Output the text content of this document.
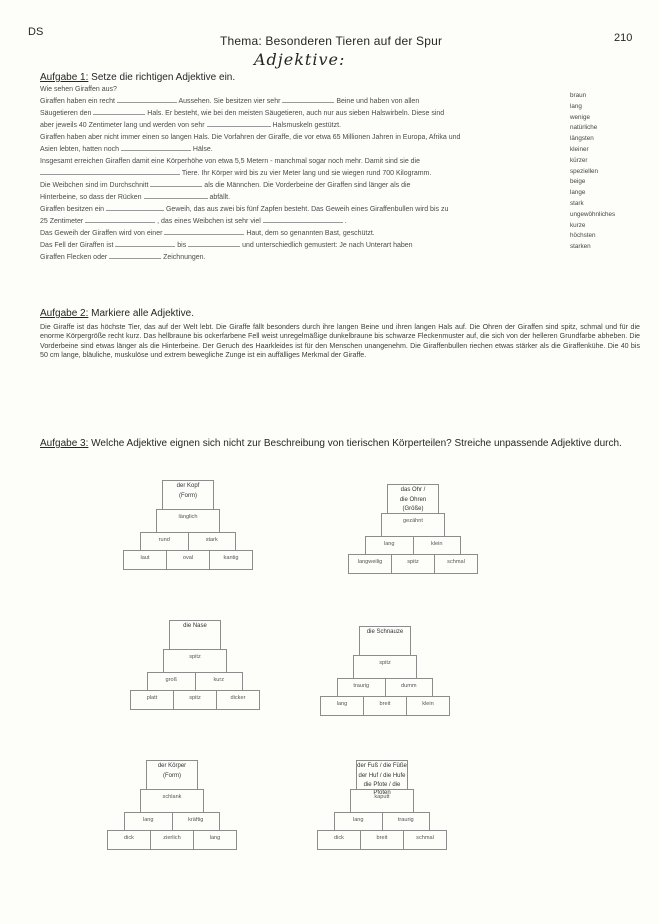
DS
Thema: Besonderen Tieren auf der Spur	210
Adjektive:
Aufgabe 1: Setze die richtigen Adjektive ein.
Wie sehen Giraffen aus?
Giraffen haben ein recht	Aussehen. Sie besitzen vier sehr	Beine und haben von allen
Säugetieren den	Hals. Er besteht, wie bei den meisten Säugetieren, auch nur aus sieben Halswirbeln. Diese sind
aber jeweils 40 Zentimeter lang und werden von sehr	Halsmuskeln gestützt.
Giraffen haben aber nicht immer einen so langen Hals. Die Vorfahren der Giraffe, die vor etwa 65 Millionen Jahren in Europa, Afrika und
Asien lebten, hatten noch	Hälse.
Insgesamt erreichen Giraffen damit eine Körperhöhe von etwa 5,5 Metern - manchmal sogar noch mehr. Damit sind sie die
Tiere. Ihr Körper wird bis zu vier Meter lang und sie wiegen rund 700 Kilogramm.
Die Weibchen sind im Durchschnitt	als die Männchen. Die Vorderbeine der Giraffen sind länger als die
Hinterbeine, so dass der Rücken	abfällt.
Giraffen besitzen ein	Geweih, das aus zwei bis fünf Zapfen besteht. Das Geweih eines Giraffenbullen wird bis zu
25 Zentimeter	, das eines Weibchen ist sehr viel	.
Das Geweih der Giraffen wird von einer	Haut, dem so genannten Bast, geschützt.
Das Fell der Giraffen ist	bis	und unterschiedlich gemustert: Je nach Unterart haben
Giraffen Flecken oder	Zeichnungen.
braun
lang
wenige
natürliche
längsten
kleiner
kürzer
speziellen
beige
lange
stark
ungewöhnliches
kurze
höchsten
starken
Aufgabe 2: Markiere alle Adjektive.
Die Giraffe ist das höchste Tier, das auf der Welt lebt. Die Giraffe fällt besonders durch ihre langen Beine und ihren langen Hals auf. Die Ohren der Giraffen sind spitz, schmal und für die enorme Körpergröße recht kurz. Das hellbraune bis ockerfarbene Fell weist unregelmäßige dunkelbraune bis schwarze Fleckenmuster auf, die sich von der helleren Grundfarbe abheben. Die Vorderbeine sind etwas länger als die Hinterbeine. Der Geruch des Haarkleides ist für den Menschen unangenehm. Die Giraffenbullen riechen etwas stärker als die Giraffenkühe. Die 40 bis 50 cm lange, bläuliche, muskulöse und extrem bewegliche Zunge ist ein auffälliges Merkmal der Giraffe.
Aufgabe 3: Welche Adjektive eignen sich nicht zur Beschreibung von tierischen Körperteilen? Streiche unpassende Adjektive durch.
der Kopf
(Form)
länglich
rund	stark
laut	oval	kantig
das Ohr /
die Ohren
(Größe)
gezähnt
lang	klein
langweilig	spitz	schmal
die Nase
spitz
groß	kurz
platt	spitz	dicker
die Schnauze
spitz
traurig	dumm
lang	breit	klein
der Körper
(Form)
schlank
lang	kräftig
dick	zierlich	lang
der Fuß / die Füße
der Huf / die Hufe
die Pfote / die Pfoten
kaputt
lang	traurig
dick	breit	schmal
